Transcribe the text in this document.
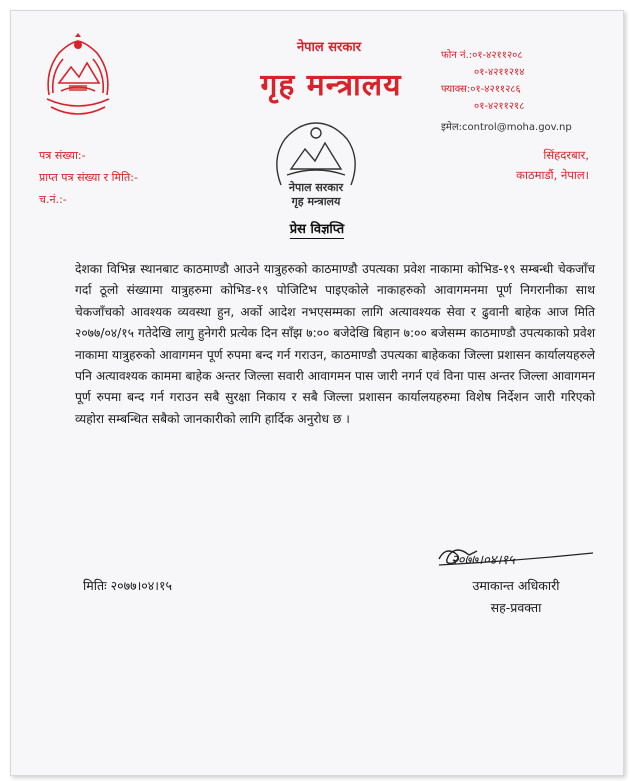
नेपाल सरकार
गृह मन्त्रालय
नेपाल सरकार
गृह मन्त्रालय
फोन नं.:०१-४२११२०८
०१-४२११२१४
फ्याक्स:०१-४२११२८६
०१-४२११२१८
इमेल:control@moha.gov.np
पत्र संख्या:-
प्राप्त पत्र संख्या र मिति:-
च.नं.:-
सिंहदरबार,
काठमाडौं, नेपाल।
प्रेस विज्ञप्ति
देशका विभिन्न स्थानबाट काठमाण्डौ आउने यात्रुहरुको काठमाण्डौ उपत्यका प्रवेश नाकामा कोभिड-१९ सम्बन्धी चेकजाँच गर्दा ठूलो संख्यामा यात्रुहरुमा कोभिड-१९ पोजिटिभ पाइएकोले नाकाहरुको आवागमनमा पूर्ण निगरानीका साथ चेकजाँचको आवश्यक व्यवस्था हुन, अर्को आदेश नभएसम्मका लागि अत्यावश्यक सेवा र ढुवानी बाहेक आज मिति २०७७/०४/१५ गतेदेखि लागु हुनेगरी प्रत्येक दिन साँझ ७:०० बजेदेखि बिहान ७:०० बजेसम्म काठमाण्डौ उपत्यकाको प्रवेश नाकामा यात्रुहरुको आवागमन पूर्ण रुपमा बन्द गर्न गराउन, काठमाण्डौ उपत्यका बाहेकका जिल्ला प्रशासन कार्यालयहरुले पनि अत्यावश्यक काममा बाहेक अन्तर जिल्ला सवारी आवागमन पास जारी नगर्न एवं विना पास अन्तर जिल्ला आवागमन पूर्ण रुपमा बन्द गर्न गराउन सबै सुरक्षा निकाय र सबै जिल्ला प्रशासन कार्यालयहरुमा विशेष निर्देशन जारी गरिएको व्यहोरा सम्बन्धित सबैको जानकारीको लागि हार्दिक अनुरोध छ ।
२०७७।०४।१५
मितिः २०७७।०४।१५	उमाकान्त अधिकारी
सह-प्रवक्ता
